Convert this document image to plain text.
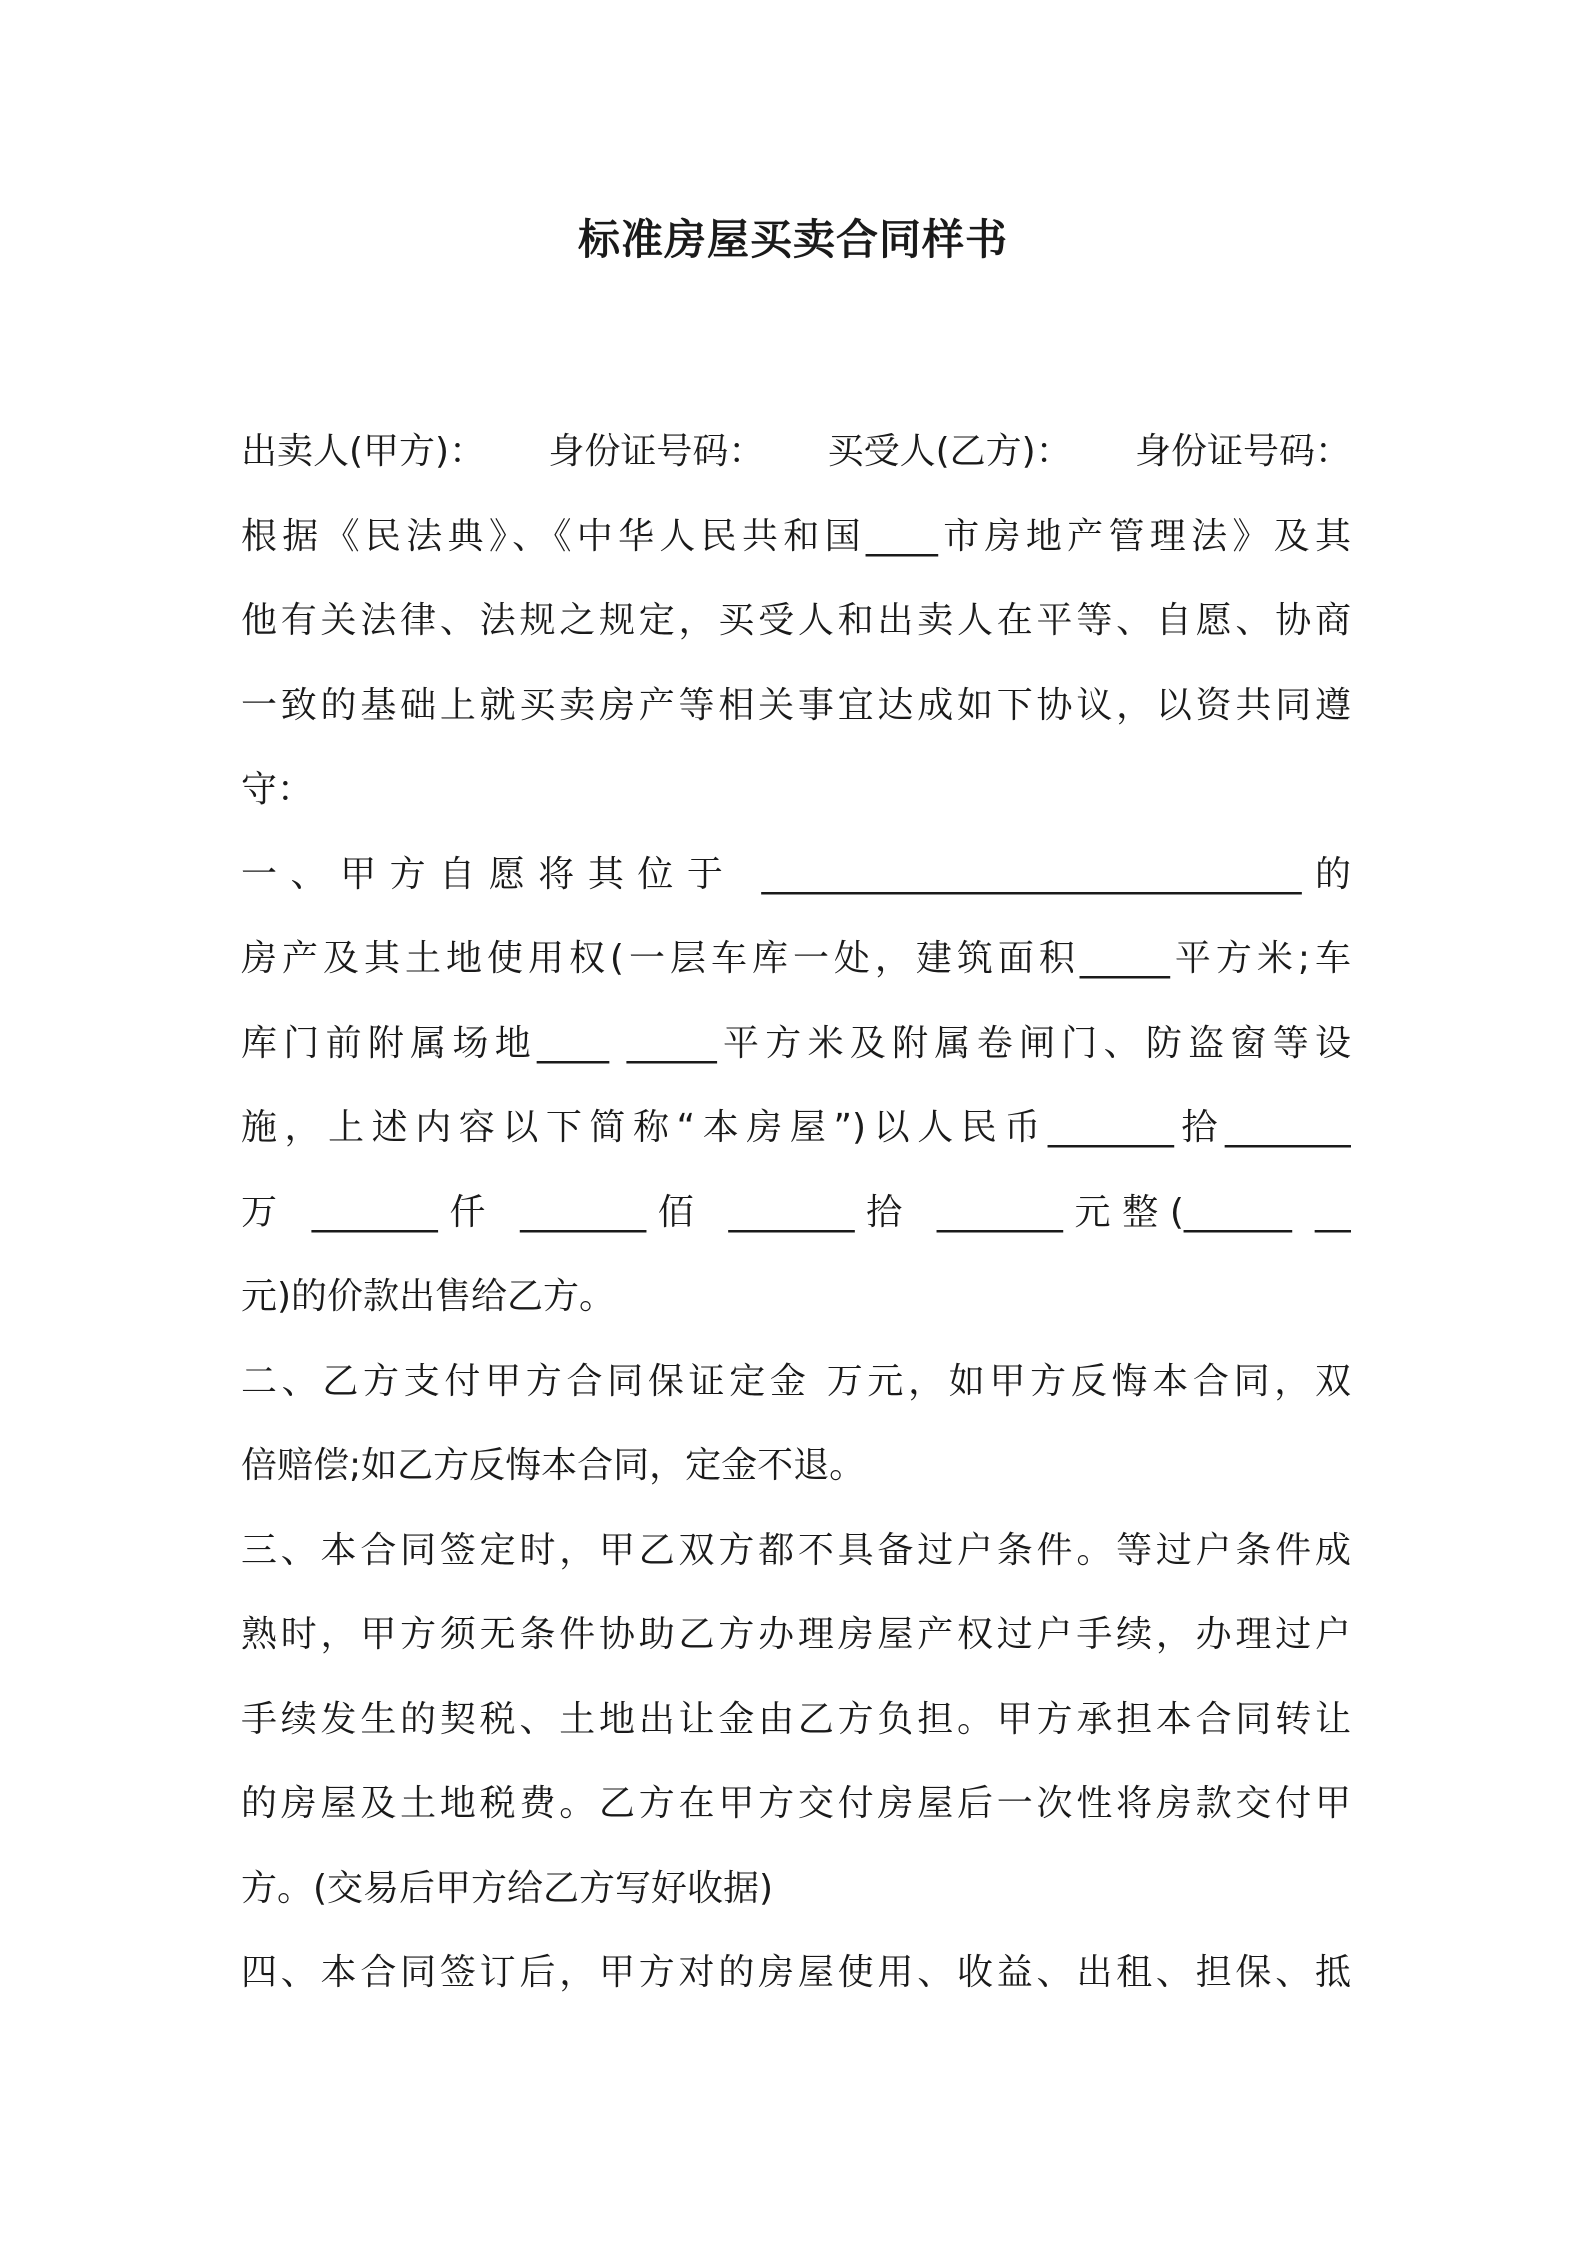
标准房屋买卖合同样书
出卖人(甲方)： 身份证号码： 买受人(乙方)： 身份证号码：
根据《民法典》、《中华人民共和国____市房地产管理法》及其
他有关法律、法规之规定，买受人和出卖人在平等、自愿、协商
一致的基础上就买卖房产等相关事宜达成如下协议，以资共同遵
守：
一、甲方自愿将其位于 ______________________________的
房产及其土地使用权(一层车库一处，建筑面积_____平方米;车
库门前附属场地____ _____平方米及附属卷闸门、防盗窗等设
施，上述内容以下简称“本房屋”)以人民币_______拾_______
万 _______仟 _______佰 _______拾 _______元整(______ __
元)的价款出售给乙方。
二、乙方支付甲方合同保证定金 万元，如甲方反悔本合同，双
倍赔偿;如乙方反悔本合同，定金不退。
三、本合同签定时，甲乙双方都不具备过户条件。等过户条件成
熟时，甲方须无条件协助乙方办理房屋产权过户手续，办理过户
手续发生的契税、土地出让金由乙方负担。甲方承担本合同转让
的房屋及土地税费。乙方在甲方交付房屋后一次性将房款交付甲
方。(交易后甲方给乙方写好收据)
四、本合同签订后，甲方对的房屋使用、收益、出租、担保、抵
